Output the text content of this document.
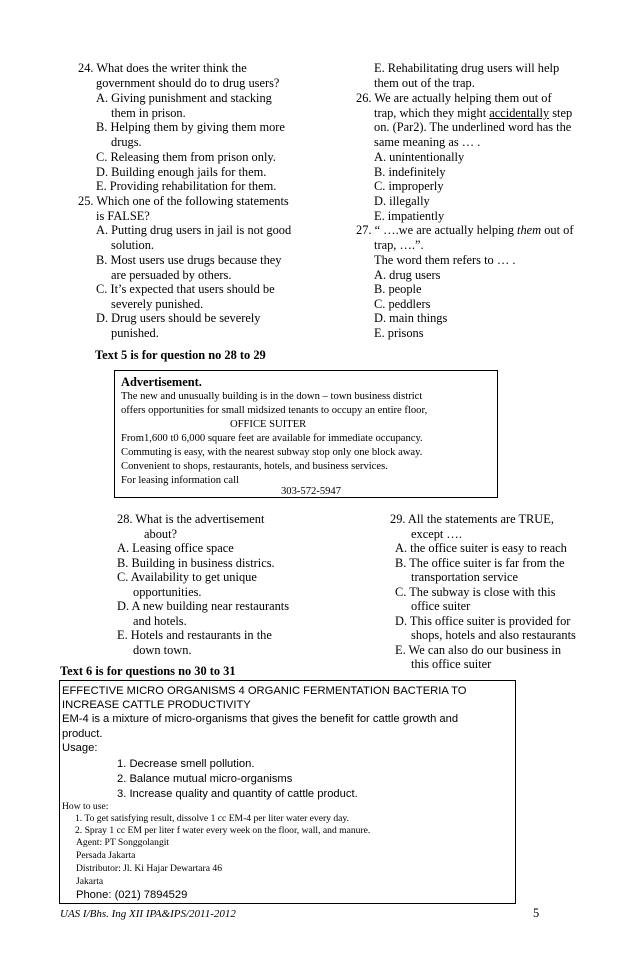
24. What does the writer think the
government should do to drug users?
A. Giving punishment and stacking
them in prison.
B. Helping them by giving them more
drugs.
C. Releasing them from prison only.
D. Building enough jails for them.
E. Providing rehabilitation for them.
25. Which one of the following statements
is FALSE?
A. Putting drug users in jail is not good
solution.
B. Most users use drugs because they
are persuaded by others.
C. It’s expected that users should be
severely punished.
D. Drug users should be severely
punished.
E. Rehabilitating drug users will help
them out of the trap.
26. We are actually helping them out of
trap, which they might accidentally step
on. (Par2). The underlined word has the
same meaning as … .
A. unintentionally
B. indefinitely
C. improperly
D. illegally
E. impatiently
27. “ ….we are actually helping them out of
trap, ….”.
The word them refers to … .
A. drug users
B. people
C. peddlers
D. main things
E. prisons
Text 5 is for question no 28 to 29
Advertisement.
The new and unusually building is in the down – town business district
offers opportunities for small midsized tenants to occupy an entire floor,
OFFICE SUITER
From1,600 t0 6,000 square feet are available for immediate occupancy.
Commuting is easy, with the nearest subway stop only one block away.
Convenient to shops, restaurants, hotels, and business services.
For leasing information call
303-572-5947
28. What is the advertisement
about?
A. Leasing office space
B. Building in business districs.
C. Availability to get unique
opportunities.
D. A new building near restaurants
and hotels.
E. Hotels and restaurants in the
down town.
29. All the statements are TRUE,
except ….
A. the office suiter is easy to reach
B. The office suiter is far from the
transportation service
C. The subway is close with this
office suiter
D. This office suiter is provided for
shops, hotels and also restaurants
E. We can also do our business in
this office suiter
Text 6 is for questions no 30 to 31
EFFECTIVE MICRO ORGANISMS 4 ORGANIC FERMENTATION BACTERIA TO
INCREASE CATTLE PRODUCTIVITY
EM-4 is a mixture of micro-organisms that gives the benefit for cattle growth and
product.
Usage:
1. Decrease smell pollution.
2. Balance mutual micro-organisms
3. Increase quality and quantity of cattle product.
How to use:
1. To get satisfying result, dissolve 1 cc EM-4 per liter water every day.
2. Spray 1 cc EM per liter f water every week on the floor, wall, and manure.
Agent: PT Songgolangit
Persada Jakarta
Distributor: Jl. Ki Hajar Dewartara 46
Jakarta
Phone: (021) 7894529
UAS I/Bhs. Ing XII IPA&IPS/2011-2012	5
